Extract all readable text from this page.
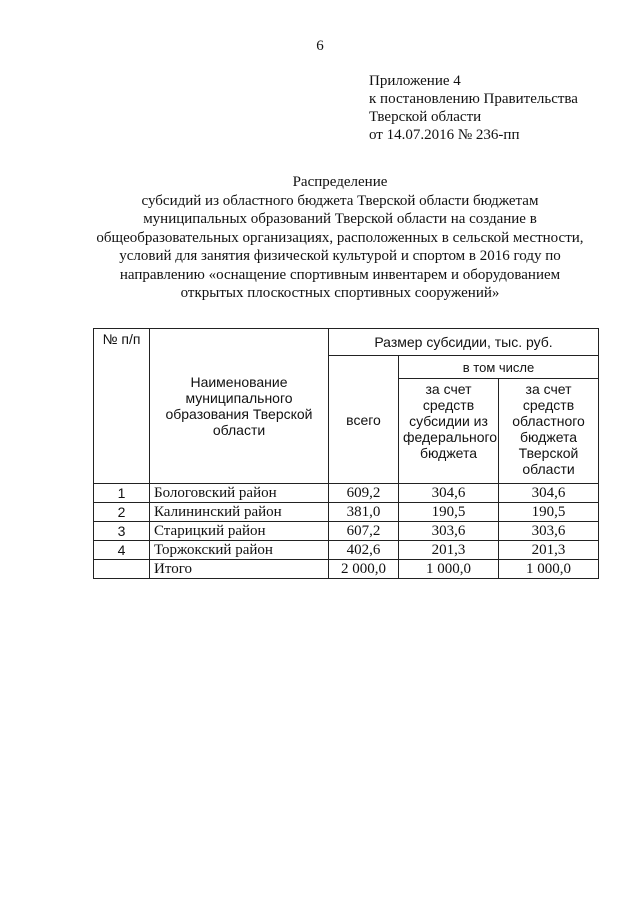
6
Приложение 4
к постановлению Правительства
Тверской области
от 14.07.2016 № 236-пп
Распределение
субсидий из областного бюджета Тверской области бюджетам
муниципальных образований Тверской области на создание в
общеобразовательных организациях, расположенных в сельской местности,
условий для занятия физической культурой и спортом в 2016 году по
направлению «оснащение спортивным инвентарем и оборудованием
открытых плоскостных спортивных сооружений»
№ п/п	Наименование муниципального образования Тверской области	Размер субсидии, тыс. руб.		
		всего	в том числе	
			за счет средств субсидии из федерального бюджета	за счет средств областного бюджета Тверской области
1	Бологовский район	609,2	304,6	304,6
2	Калининский район	381,0	190,5	190,5
3	Старицкий район	607,2	303,6	303,6
4	Торжокский район	402,6	201,3	201,3
	Итого	2 000,0	1 000,0	1 000,0
